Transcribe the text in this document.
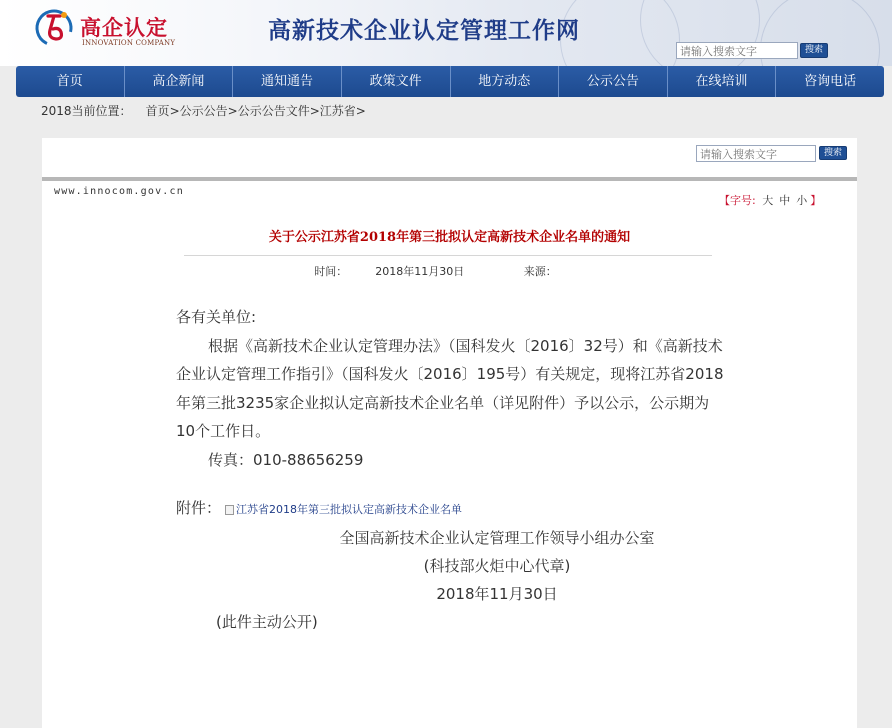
高企认定
INNOVATION COMPANY	高新技术企业认定管理工作网
请输入搜索文字
搜索
首页	高企新闻	通知通告	政策文件	地方动态	公示公告	在线培训	咨询电话
2018当前位置： 首页>公示公告>公示公告文件>江苏省>
请输入搜索文字
搜索
www.innocom.gov.cn
【字号: 大 中 小 】
关于公示江苏省2018年第三批拟认定高新技术企业名单的通知
时间：	2018年11月30日	来源：

各有关单位:

根据《高新技术企业认定管理办法》（国科发火〔2016〕32号）和《高新技术企业认定管理工作指引》（国科发火〔2016〕195号）有关规定，现将江苏省2018年第三批3235家企业拟认定高新技术企业名单（详见附件）予以公示，公示期为10个工作日。

传真：010-88656259

附件：	江苏省2018年第三批拟认定高新技术企业名单
全国高新技术企业认定管理工作领导小组办公室
(科技部火炬中心代章)
2018年11月30日
(此件主动公开)
